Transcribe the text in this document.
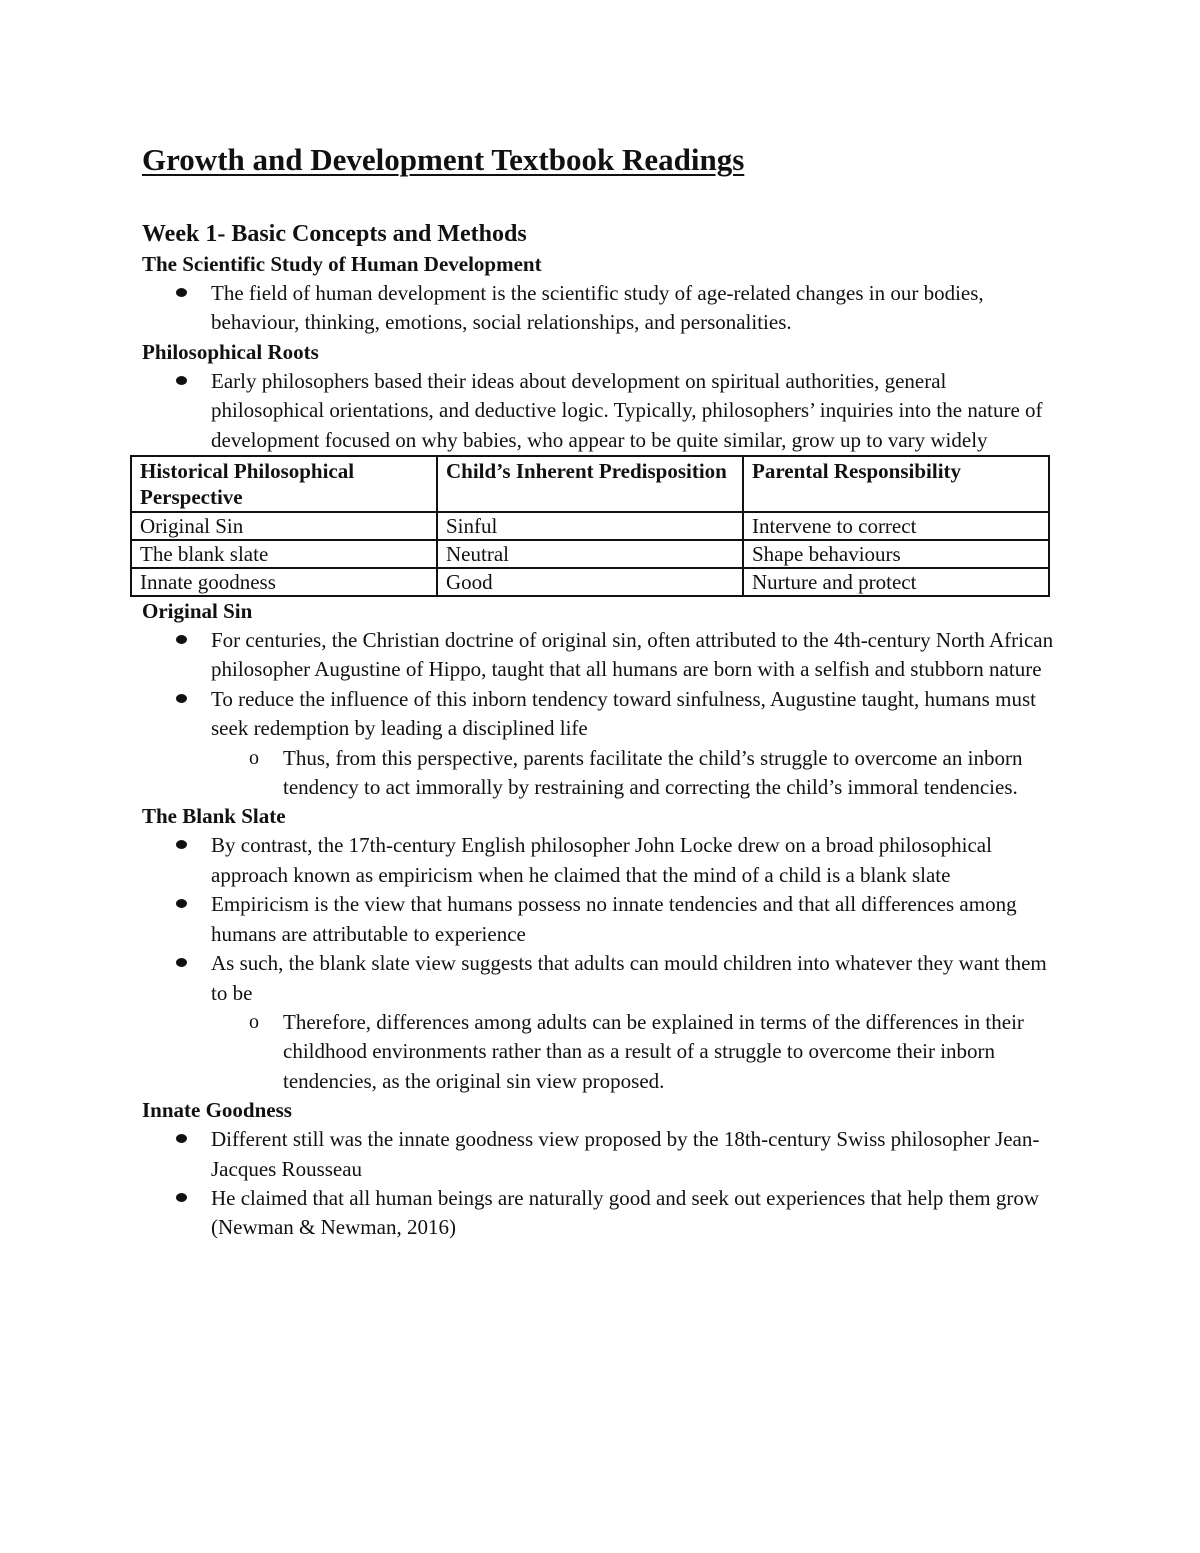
Growth and Development Textbook Readings
Week 1- Basic Concepts and Methods
The Scientific Study of Human Development
The field of human development is the scientific study of age-related changes in our bodies, behaviour, thinking, emotions, social relationships, and personalities.
Philosophical Roots
Early philosophers based their ideas about development on spiritual authorities, general philosophical orientations, and deductive logic. Typically, philosophers’ inquiries into the nature of development focused on why babies, who appear to be quite similar, grow up to vary widely
Historical Philosophical Perspective	Child’s Inherent Predisposition	Parental Responsibility
Original Sin	Sinful	Intervene to correct
The blank slate	Neutral	Shape behaviours
Innate goodness	Good	Nurture and protect
Original Sin
For centuries, the Christian doctrine of original sin, often attributed to the 4th-century North African philosopher Augustine of Hippo, taught that all humans are born with a selfish and stubborn nature
To reduce the influence of this inborn tendency toward sinfulness, Augustine taught, humans must seek redemption by leading a disciplined life
o Thus, from this perspective, parents facilitate the child’s struggle to overcome an inborn tendency to act immorally by restraining and correcting the child’s immoral tendencies.
The Blank Slate
By contrast, the 17th-century English philosopher John Locke drew on a broad philosophical approach known as empiricism when he claimed that the mind of a child is a blank slate
Empiricism is the view that humans possess no innate tendencies and that all differences among humans are attributable to experience
As such, the blank slate view suggests that adults can mould children into whatever they want them to be
o Therefore, differences among adults can be explained in terms of the differences in their childhood environments rather than as a result of a struggle to overcome their inborn tendencies, as the original sin view proposed.
Innate Goodness
Different still was the innate goodness view proposed by the 18th-century Swiss philosopher Jean-Jacques Rousseau
He claimed that all human beings are naturally good and seek out experiences that help them grow (Newman & Newman, 2016)
